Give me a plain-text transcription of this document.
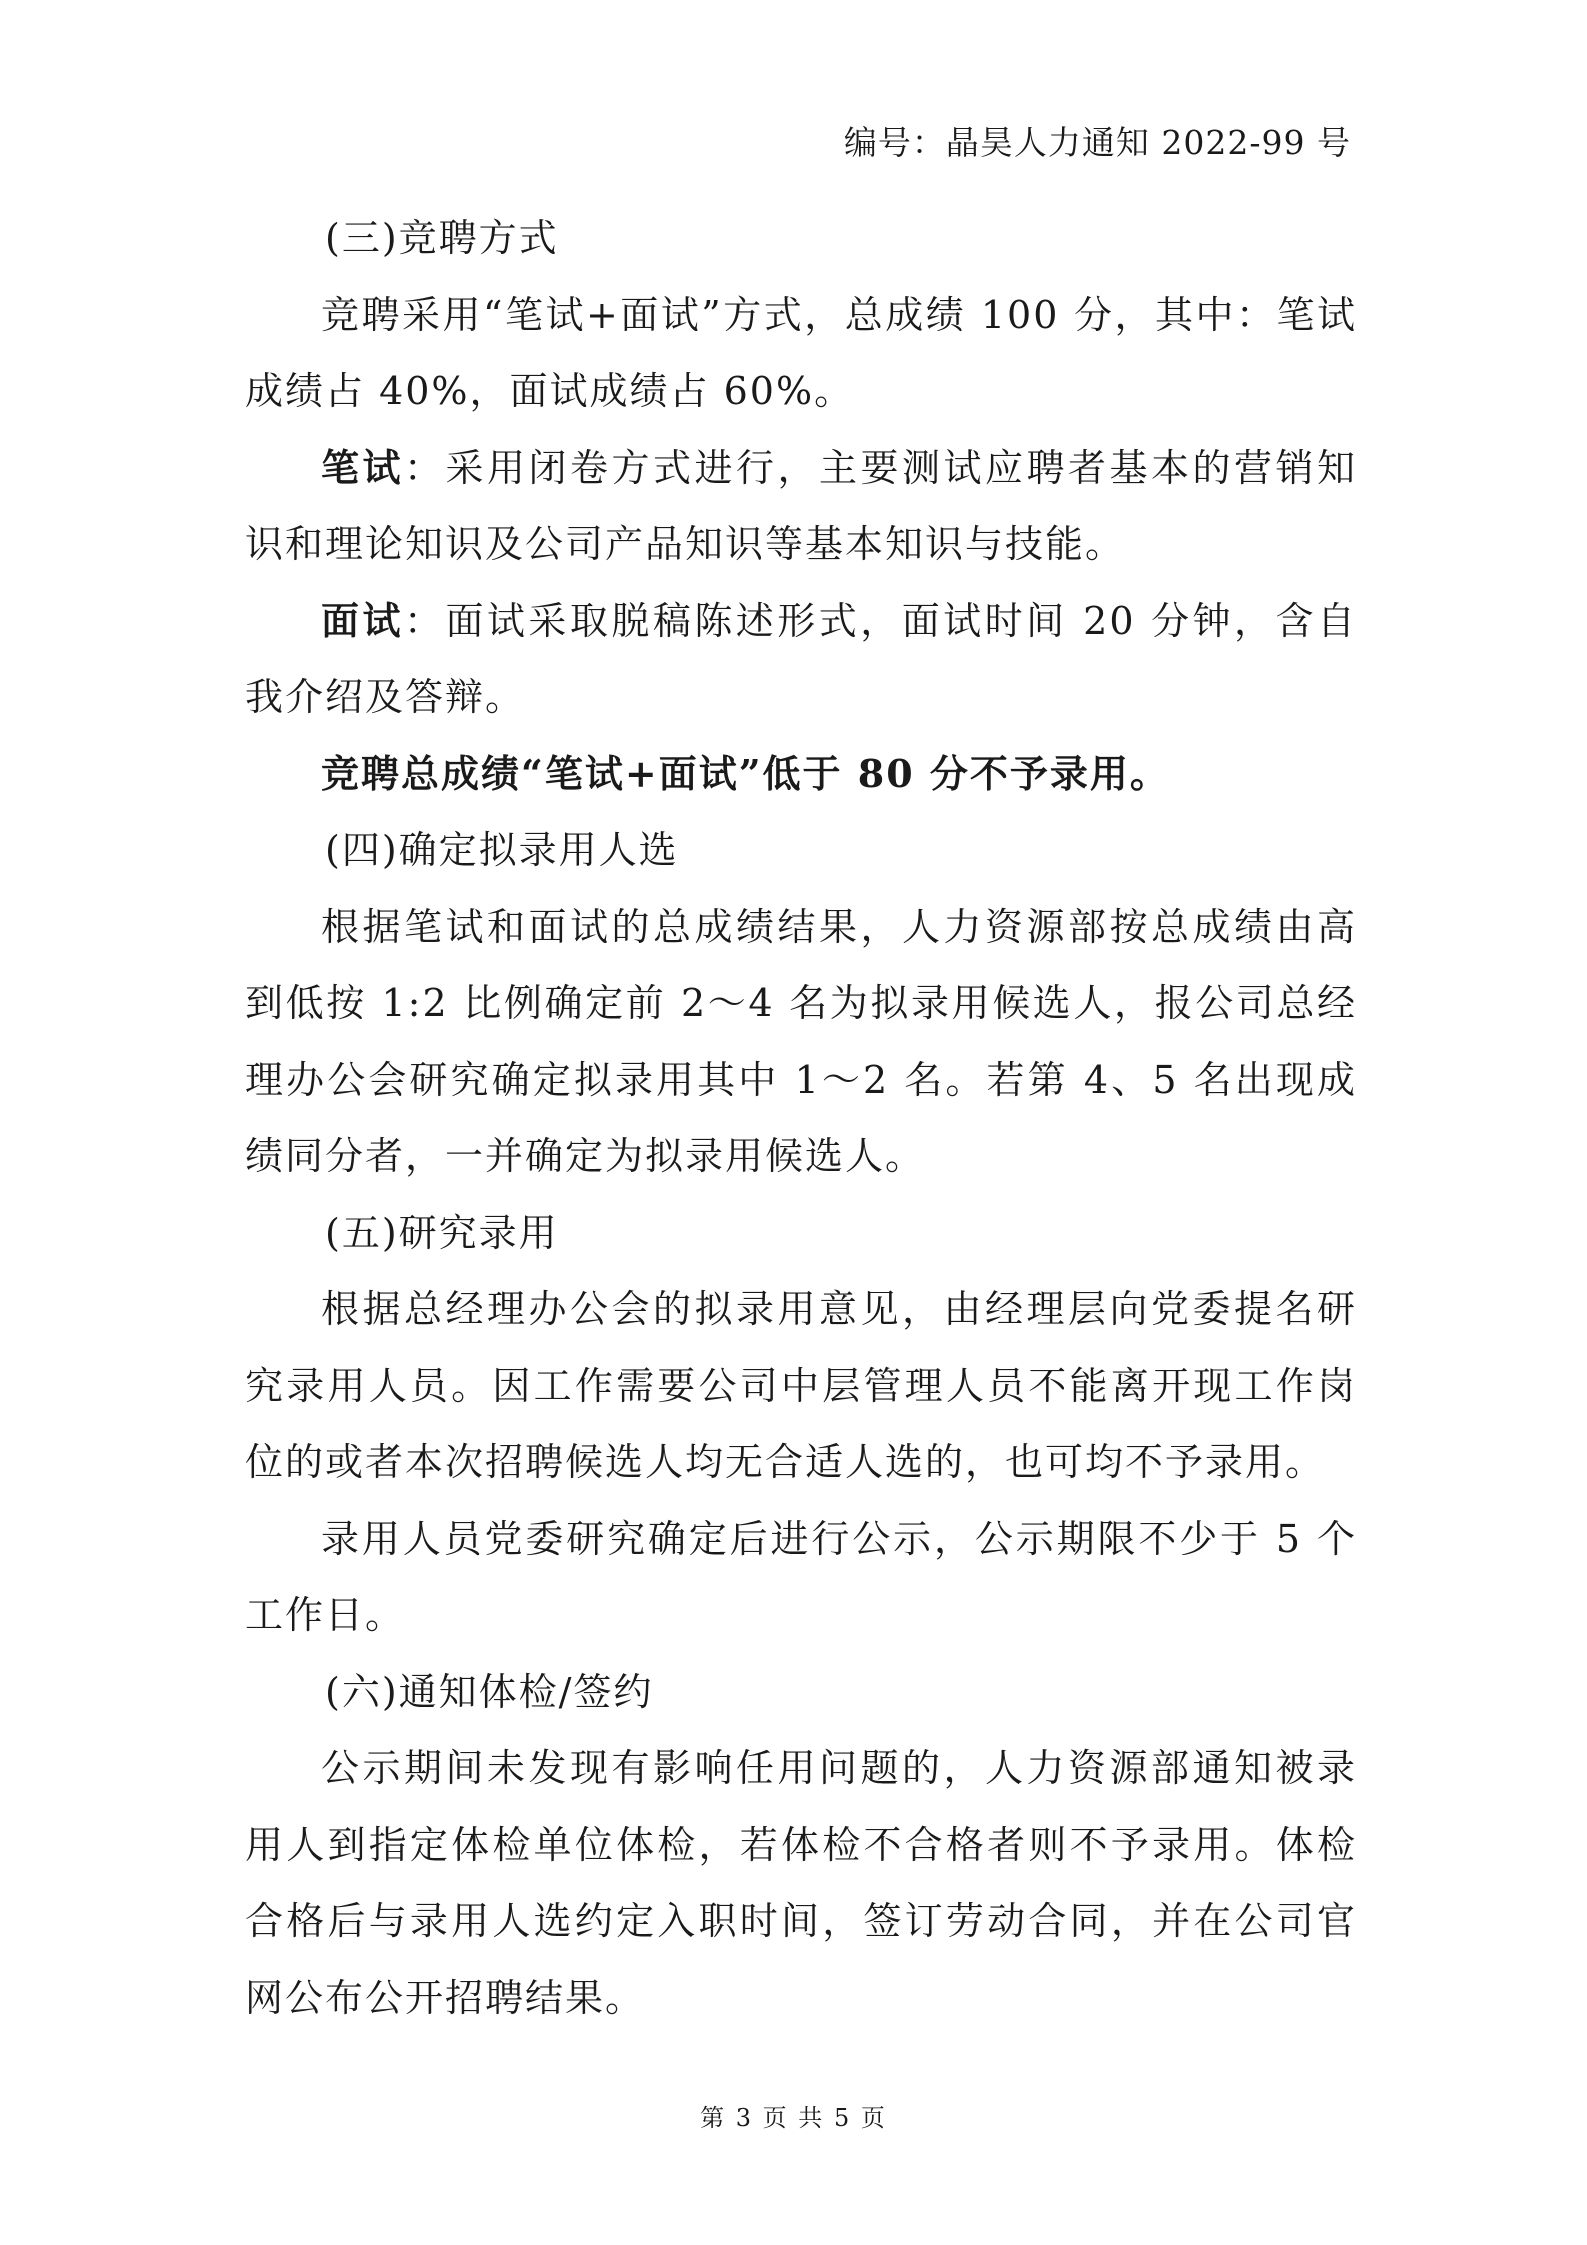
编号：晶昊人力通知 2022-99 号

(三)竞聘方式

竞聘采用“笔试+面试”方式，总成绩 100 分，其中：笔试成绩占 40%，面试成绩占 60%。

笔试：采用闭卷方式进行，主要测试应聘者基本的营销知识和理论知识及公司产品知识等基本知识与技能。

面试：面试采取脱稿陈述形式，面试时间 20 分钟，含自我介绍及答辩。

竞聘总成绩“笔试+面试”低于 80 分不予录用。

(四)确定拟录用人选

根据笔试和面试的总成绩结果，人力资源部按总成绩由高到低按 1:2 比例确定前 2～4 名为拟录用候选人，报公司总经理办公会研究确定拟录用其中 1～2 名。若第 4、5 名出现成绩同分者，一并确定为拟录用候选人。

(五)研究录用

根据总经理办公会的拟录用意见，由经理层向党委提名研究录用人员。因工作需要公司中层管理人员不能离开现工作岗位的或者本次招聘候选人均无合适人选的，也可均不予录用。

录用人员党委研究确定后进行公示，公示期限不少于 5 个工作日。

(六)通知体检/签约

公示期间未发现有影响任用问题的，人力资源部通知被录用人到指定体检单位体检，若体检不合格者则不予录用。体检合格后与录用人选约定入职时间，签订劳动合同，并在公司官网公布公开招聘结果。

第 3 页 共 5 页
